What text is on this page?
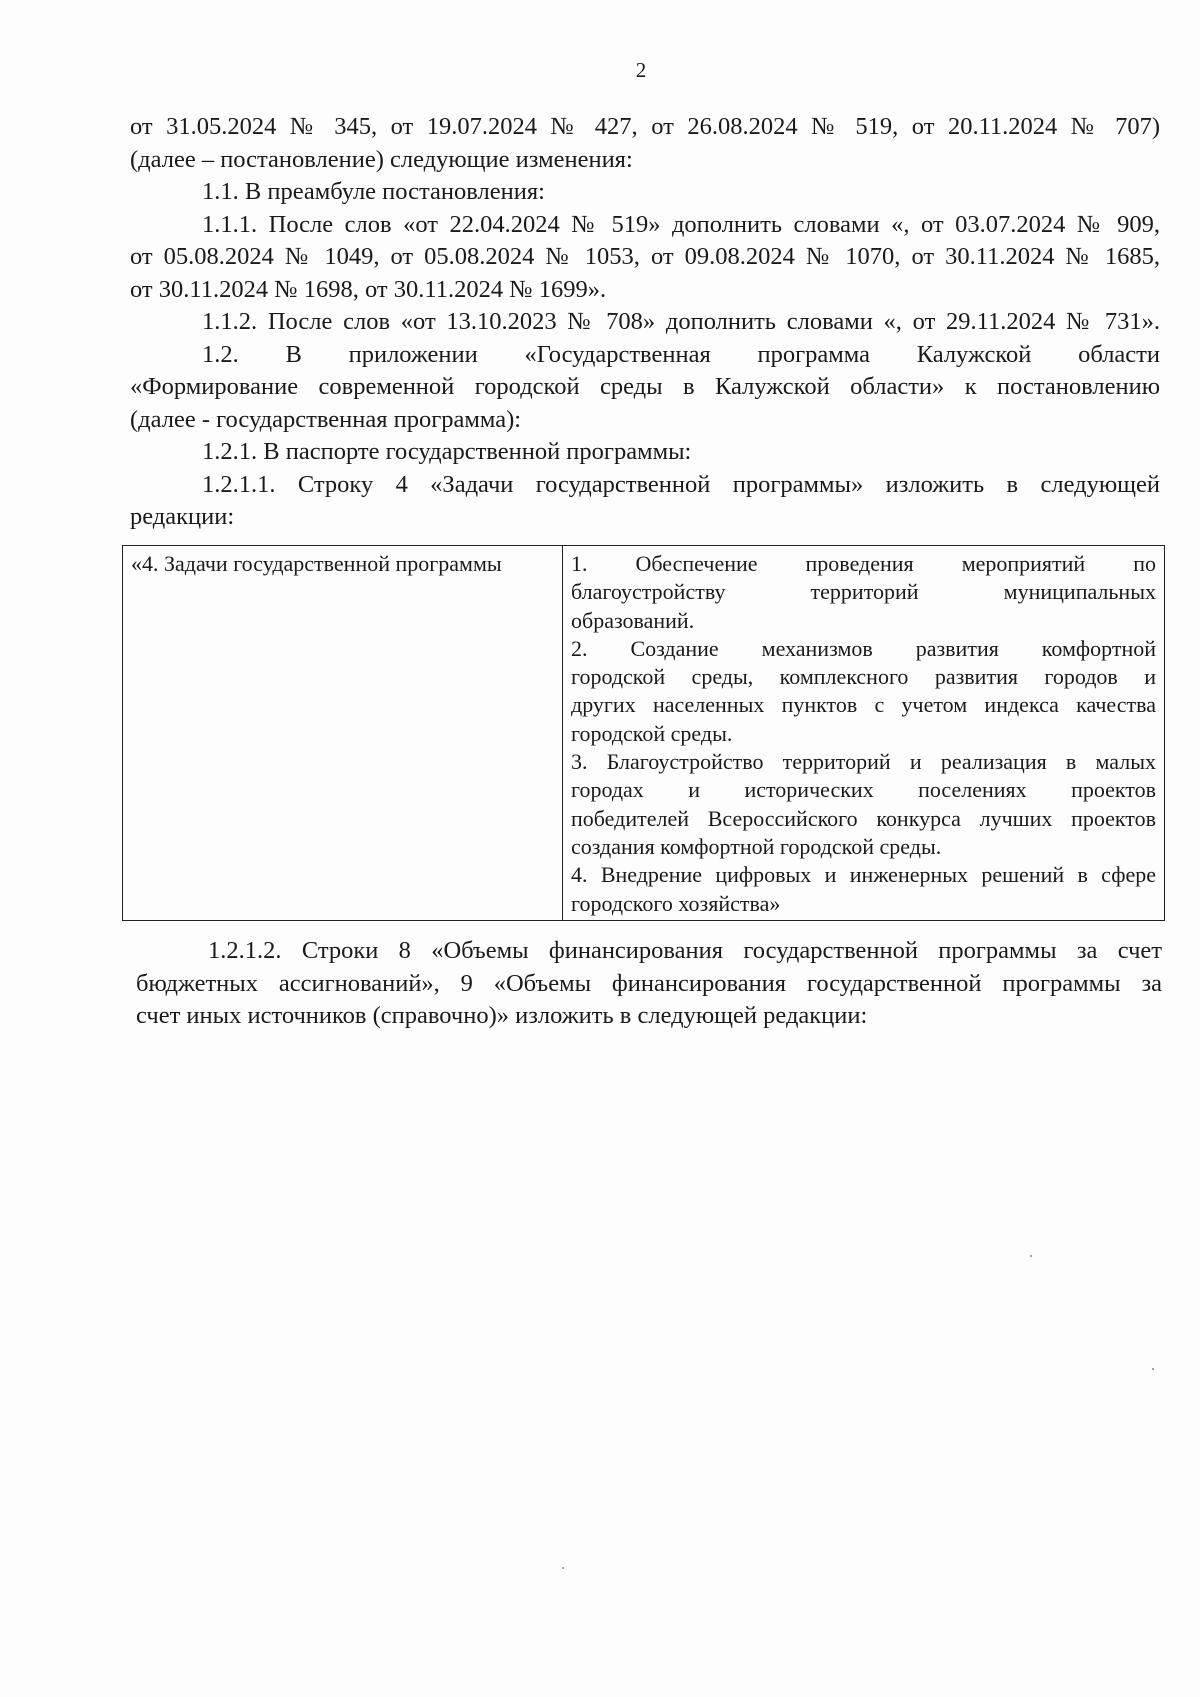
2
от 31.05.2024 № 345, от 19.07.2024 № 427, от 26.08.2024 № 519, от 20.11.2024 № 707)
(далее – постановление) следующие изменения:
1.1. В преамбуле постановления:
1.1.1. После слов «от 22.04.2024 № 519» дополнить словами «, от 03.07.2024 № 909,
от 05.08.2024 № 1049, от 05.08.2024 № 1053, от 09.08.2024 № 1070, от 30.11.2024 № 1685,
от 30.11.2024 № 1698, от 30.11.2024 № 1699».
1.1.2. После слов «от 13.10.2023 № 708» дополнить словами «, от 29.11.2024 № 731».
1.2. В приложении «Государственная программа Калужской области
«Формирование современной городской среды в Калужской области» к постановлению
(далее - государственная программа):
1.2.1. В паспорте государственной программы:
1.2.1.1. Строку 4 «Задачи государственной программы» изложить в следующей
редакции:
«4. Задачи государственной программы	1. Обеспечение проведения мероприятий по
благоустройству территорий муниципальных
образований.
2. Создание механизмов развития комфортной
городской среды, комплексного развития городов и
других населенных пунктов с учетом индекса качества
городской среды.
3. Благоустройство территорий и реализация в малых
городах и исторических поселениях проектов
победителей Всероссийского конкурса лучших проектов
создания комфортной городской среды.
4. Внедрение цифровых и инженерных решений в сфере
городского хозяйства»
1.2.1.2. Строки 8 «Объемы финансирования государственной программы за счет
бюджетных ассигнований», 9 «Объемы финансирования государственной программы за
счет иных источников (справочно)» изложить в следующей редакции:
